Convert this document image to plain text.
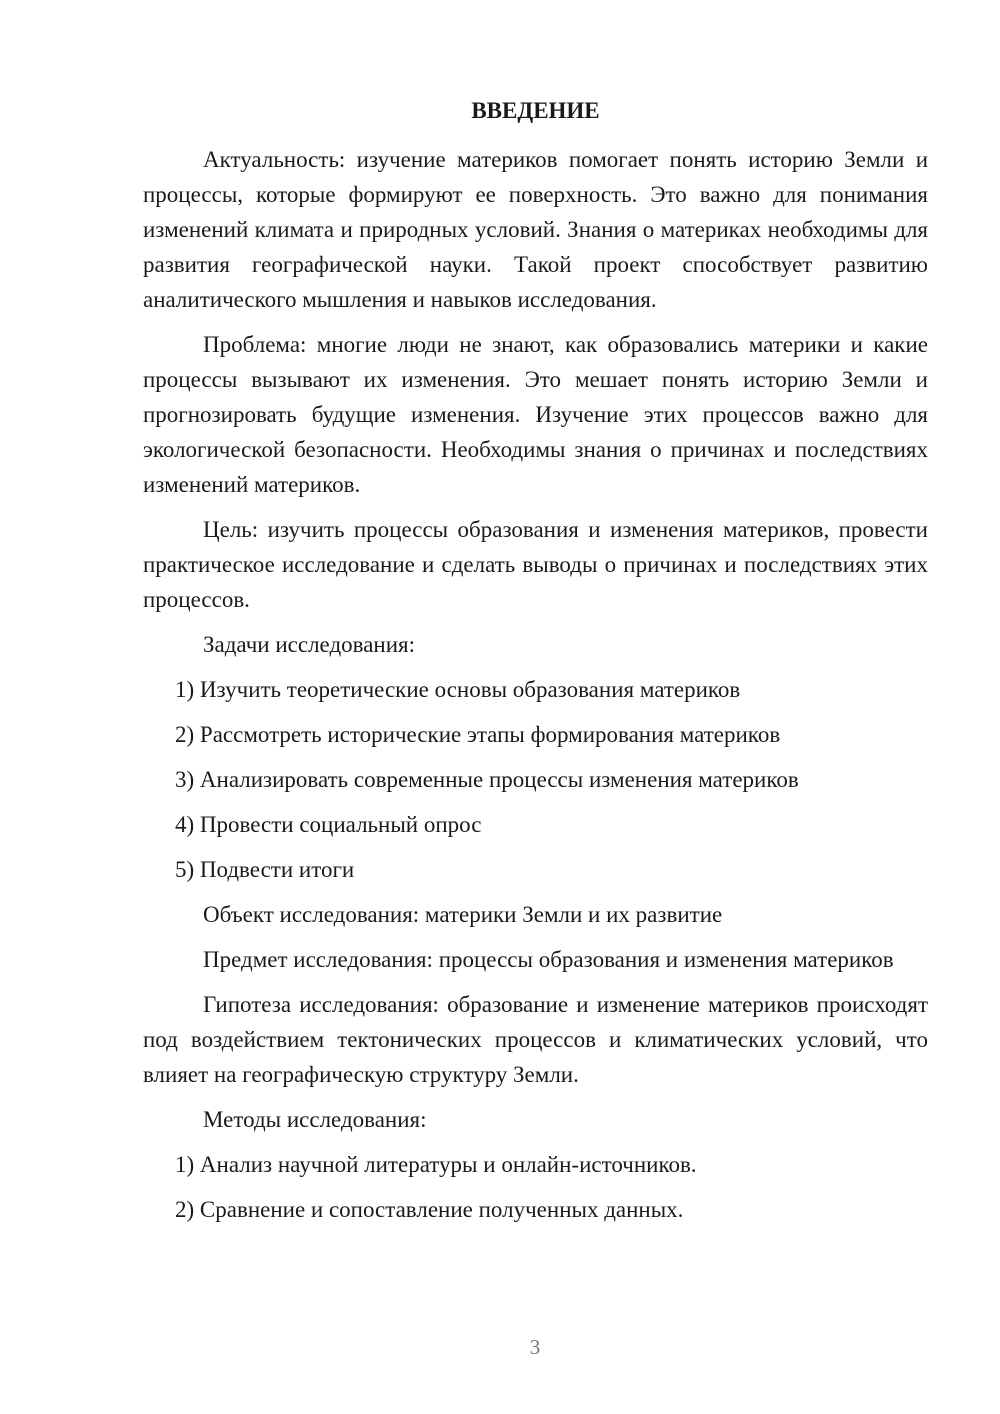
ВВЕДЕНИЕ

Актуальность: изучение материков помогает понять историю Земли и процессы, которые формируют ее поверхность. Это важно для понимания изменений климата и природных условий. Знания о материках необходимы для развития географической науки. Такой проект способствует развитию аналитического мышления и навыков исследования.

Проблема: многие люди не знают, как образовались материки и какие процессы вызывают их изменения. Это мешает понять историю Земли и прогнозировать будущие изменения. Изучение этих процессов важно для экологической безопасности. Необходимы знания о причинах и последствиях изменений материков.

Цель: изучить процессы образования и изменения материков, провести практическое исследование и сделать выводы о причинах и последствиях этих процессов.

Задачи исследования:

1) Изучить теоретические основы образования материков

2) Рассмотреть исторические этапы формирования материков

3) Анализировать современные процессы изменения материков

4) Провести социальный опрос

5) Подвести итоги

Объект исследования: материки Земли и их развитие

Предмет исследования: процессы образования и изменения материков

Гипотеза исследования: образование и изменение материков происходят под воздействием тектонических процессов и климатических условий, что влияет на географическую структуру Земли.

Методы исследования:

1) Анализ научной литературы и онлайн-источников.

2) Сравнение и сопоставление полученных данных.

3
